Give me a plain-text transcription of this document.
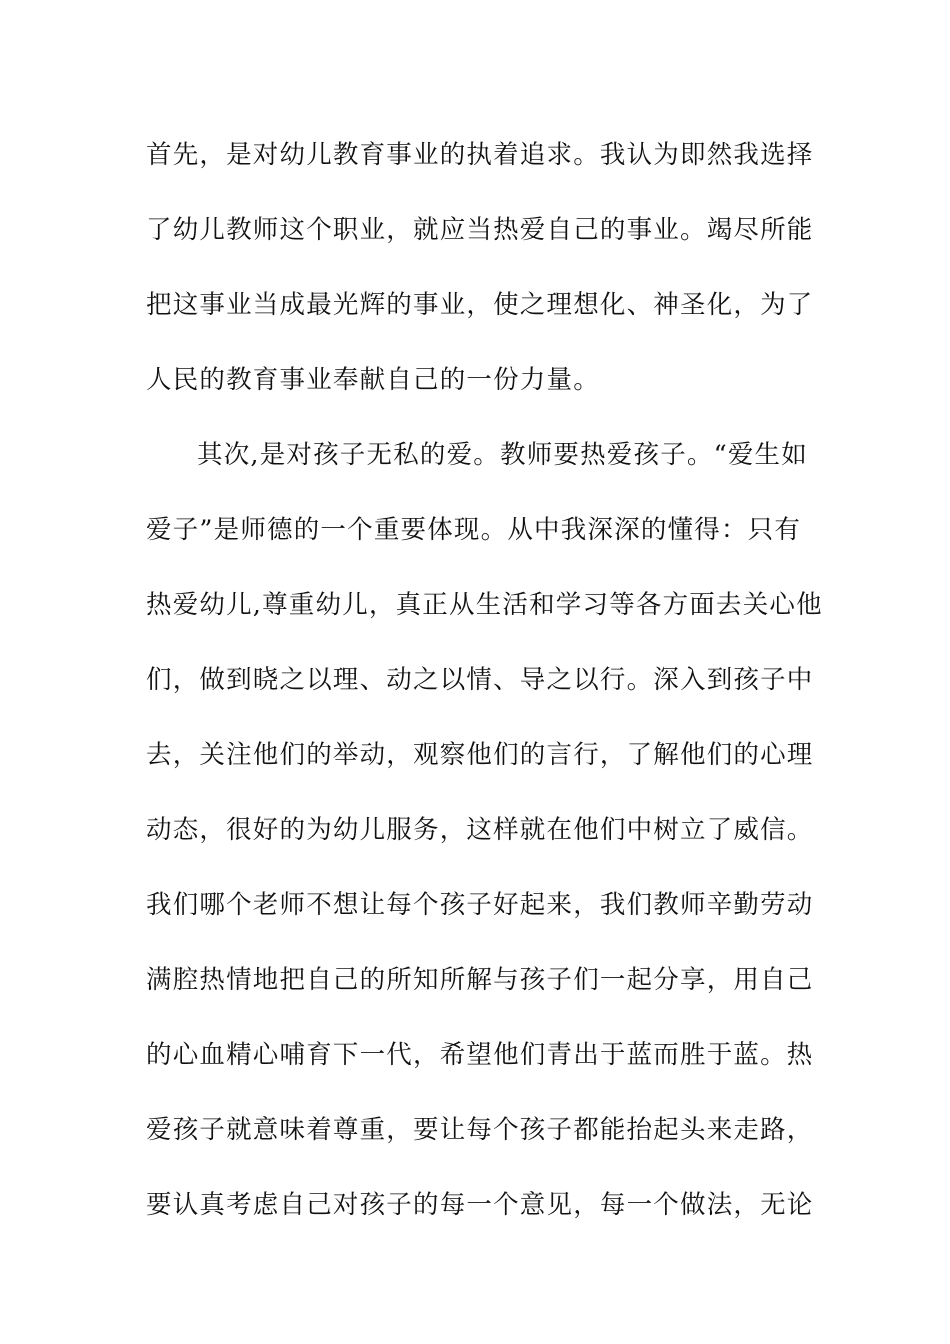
首先，是对幼儿教育事业的执着追求。我认为即然我选择
了幼儿教师这个职业，就应当热爱自己的事业。竭尽所能
把这事业当成最光辉的事业，使之理想化、神圣化，为了
人民的教育事业奉献自己的一份力量。
其次,是对孩子无私的爱。教师要热爱孩子。“爱生如
爱子”是师德的一个重要体现。从中我深深的懂得：只有
热爱幼儿,尊重幼儿，真正从生活和学习等各方面去关心他
们，做到晓之以理、动之以情、导之以行。深入到孩子中
去，关注他们的举动，观察他们的言行，了解他们的心理
动态，很好的为幼儿服务，这样就在他们中树立了威信。
我们哪个老师不想让每个孩子好起来，我们教师辛勤劳动
满腔热情地把自己的所知所解与孩子们一起分享，用自己
的心血精心哺育下一代，希望他们青出于蓝而胜于蓝。热
爱孩子就意味着尊重，要让每个孩子都能抬起头来走路，
要认真考虑自己对孩子的每一个意见，每一个做法，无论
